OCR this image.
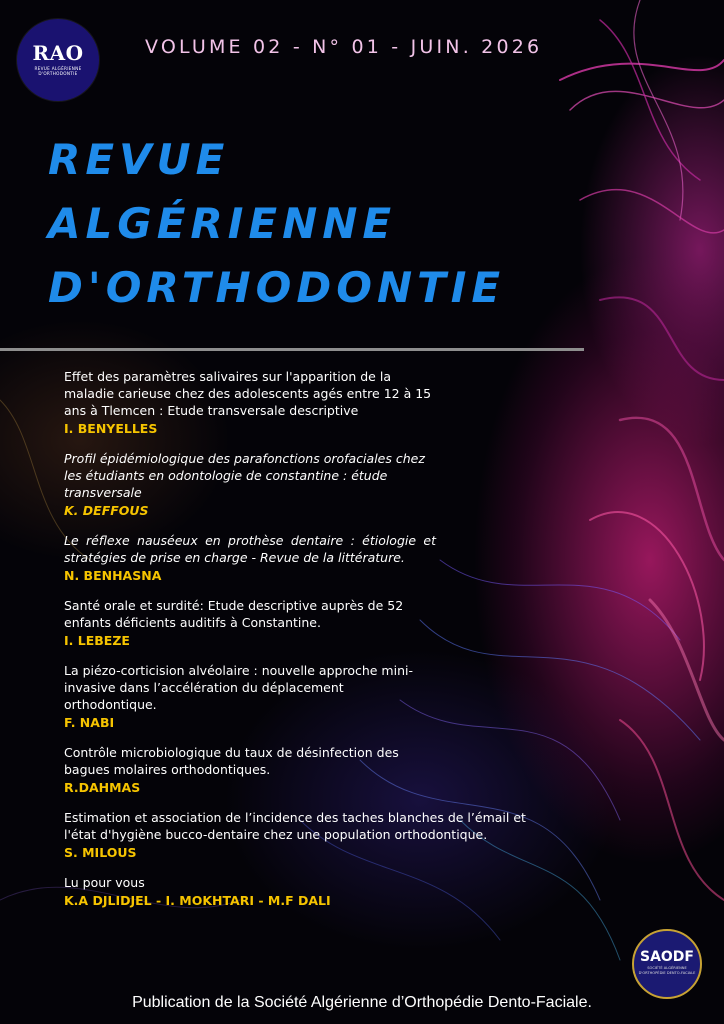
RAO
REVUE ALGÉRIENNE D'ORTHODONTIE
VOLUME 02 - N° 01 - JUIN. 2026
REVUE
ALGÉRIENNE
D'ORTHODONTIE
Effet des paramètres salivaires sur l'apparition de la maladie carieuse chez des adolescents agés entre 12 à 15 ans à Tlemcen : Etude transversale descriptive
I. BENYELLES
Profil épidémiologique des parafonctions orofaciales chez les étudiants en odontologie de constantine : étude transversale
K. DEFFOUS
Le réflexe nauséeux en prothèse dentaire : étiologie et stratégies de prise en charge - Revue de la littérature.
N. BENHASNA
Santé orale et surdité: Etude descriptive auprès de 52 enfants déficients auditifs à Constantine.
I. LEBEZE
La piézo-corticision alvéolaire : nouvelle approche mini-invasive dans l’accélération du déplacement orthodontique.
F. NABI
Contrôle microbiologique du taux de désinfection des bagues molaires orthodontiques.
R.DAHMAS
Estimation et association de l’incidence des taches blanches de l’émail et l'état d'hygiène bucco-dentaire chez une population orthodontique.
S. MILOUS
Lu pour vous
K.A DJLIDJEL - I. MOKHTARI - M.F DALI
SAODF
SOCIÉTÉ ALGÉRIENNE D'ORTHOPÉDIE DENTO-FACIALE
Publication de la Société Algérienne d’Orthopédie Dento-Faciale.
